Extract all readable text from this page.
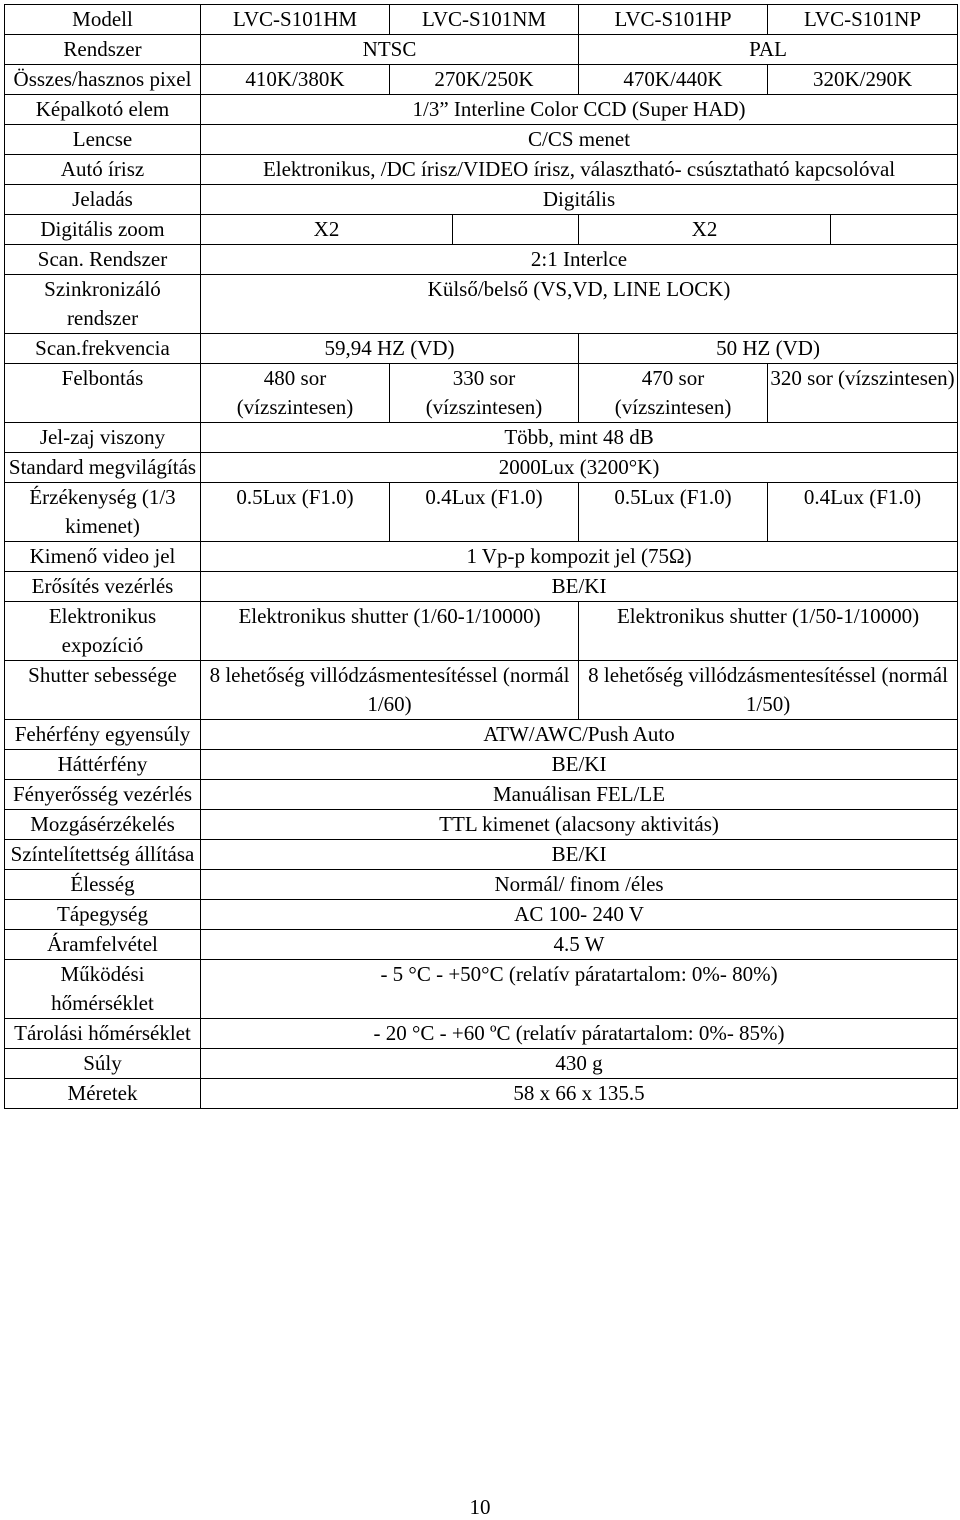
Modell	LVC-S101HM	LVC-S101NM		LVC-S101HP	LVC-S101NP	
Rendszer	NTSC			PAL		
Összes/hasznos pixel	410K/380K	270K/250K		470K/440K	320K/290K	
Képalkotó elem	1/3” Interline Color CCD (Super HAD)					
Lencse	C/CS menet					
Autó írisz	Elektronikus, /DC írisz/VIDEO írisz, választható- csúsztatható kapcsolóval					
Jeladás	Digitális					
Digitális zoom	X2			X2		
Scan. Rendszer	2:1 Interlce					
Szinkronizáló rendszer	Külső/belső (VS,VD, LINE LOCK)					
Scan.frekvencia	59,94 HZ (VD)			50 HZ (VD)		
Felbontás	480 sor (vízszintesen)	330 sor (vízszintesen)		470 sor (vízszintesen)	320 sor (vízszintesen)	
Jel-zaj viszony	Több, mint 48 dB					
Standard megvilágítás	2000Lux (3200°K)					
Érzékenység (1/3 kimenet)	0.5Lux (F1.0)	0.4Lux (F1.0)		0.5Lux (F1.0)	0.4Lux (F1.0)	
Kimenő video jel	1 Vp-p kompozit jel (75Ω)					
Erősítés vezérlés	BE/KI					
Elektronikus expozíció	Elektronikus shutter (1/60-1/10000)			Elektronikus shutter (1/50-1/10000)		
Shutter sebessége	8 lehetőség villódzásmentesítéssel (normál 1/60)			8 lehetőség villódzásmentesítéssel (normál 1/50)		
Fehérfény egyensúly	ATW/AWC/Push Auto					
Háttérfény	BE/KI					
Fényerősség vezérlés	Manuálisan FEL/LE					
Mozgásérzékelés	TTL kimenet (alacsony aktivitás)					
Színtelítettség állítása	BE/KI					
Élesség	Normál/ finom /éles					
Tápegység	AC 100- 240 V					
Áramfelvétel	4.5 W					
Működési hőmérséklet	- 5 °C - +50°C (relatív páratartalom: 0%- 80%)					
Tárolási hőmérséklet	- 20 °C - +60 ºC (relatív páratartalom: 0%- 85%)					
Súly	430 g					
Méretek	58 x 66 x 135.5					
10
